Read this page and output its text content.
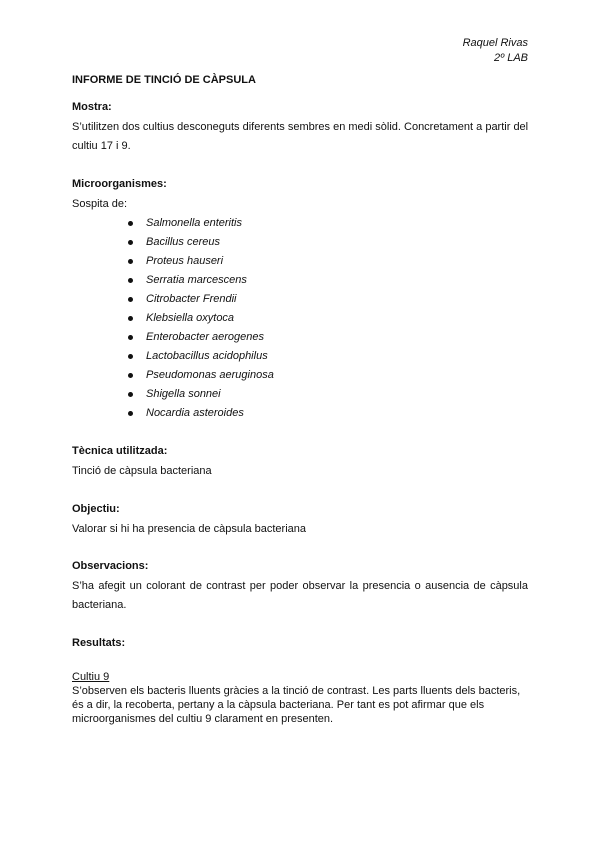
Raquel Rivas
2º LAB
INFORME DE TINCIÓ DE CÀPSULA
Mostra:
S’utilitzen dos cultius desconeguts diferents sembres en medi sòlid. Concretament a partir del cultiu 17 i 9.
Microorganismes:
Sospita de:
Salmonella enteritis
Bacillus cereus
Proteus hauseri
Serratia marcescens
Citrobacter Frendii
Klebsiella oxytoca
Enterobacter aerogenes
Lactobacillus acidophilus
Pseudomonas aeruginosa
Shigella sonnei
Nocardia asteroides
Tècnica utilitzada:
Tinció de càpsula bacteriana
Objectiu:
Valorar si hi ha presencia de càpsula bacteriana
Observacions:
S’ha afegit un colorant de contrast per poder observar la presencia o ausencia de càpsula bacteriana.
Resultats:
Cultiu 9
S’observen els bacteris lluents gràcies a la tinció de contrast. Les parts lluents dels bacteris, és a dir, la recoberta, pertany a la càpsula bacteriana. Per tant es pot afirmar que els microorganismes del cultiu 9 clarament en presenten.
